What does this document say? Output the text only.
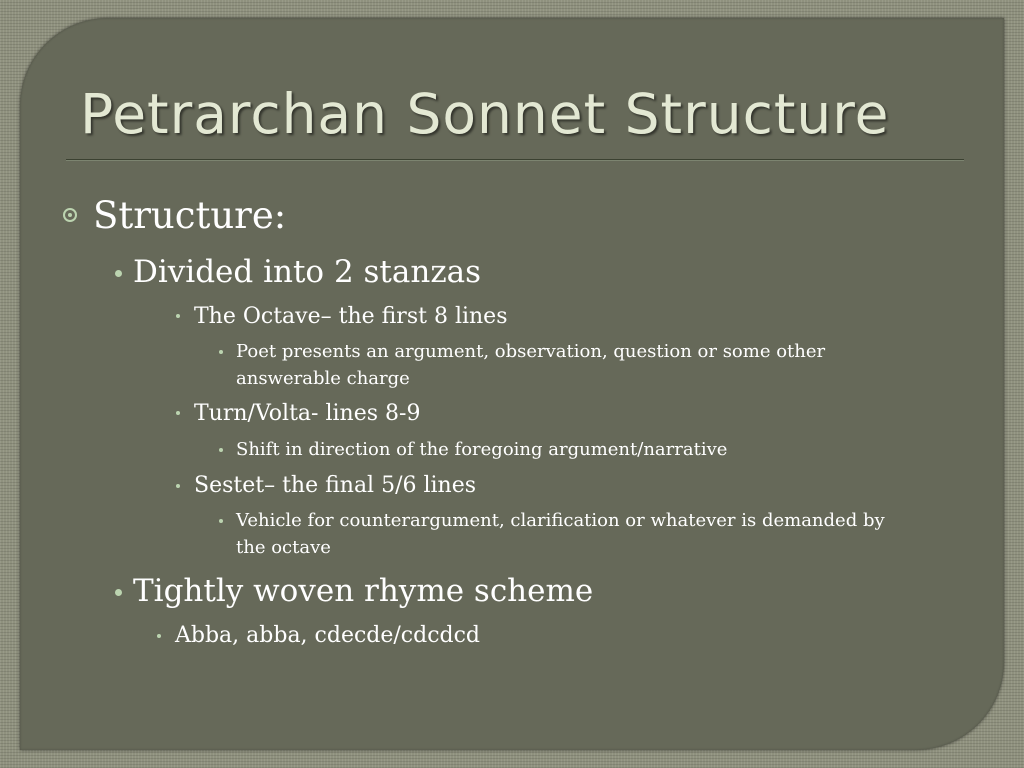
Petrarchan Sonnet Structure
Structure:
Divided into 2 stanzas
The Octave– the first 8 lines
Poet presents an argument, observation, question or some other
answerable charge
Turn/Volta- lines 8-9
Shift in direction of the foregoing argument/narrative
Sestet– the final 5/6 lines
Vehicle for counterargument, clarification or whatever is demanded by
the octave
Tightly woven rhyme scheme
Abba, abba, cdecde/cdcdcd
